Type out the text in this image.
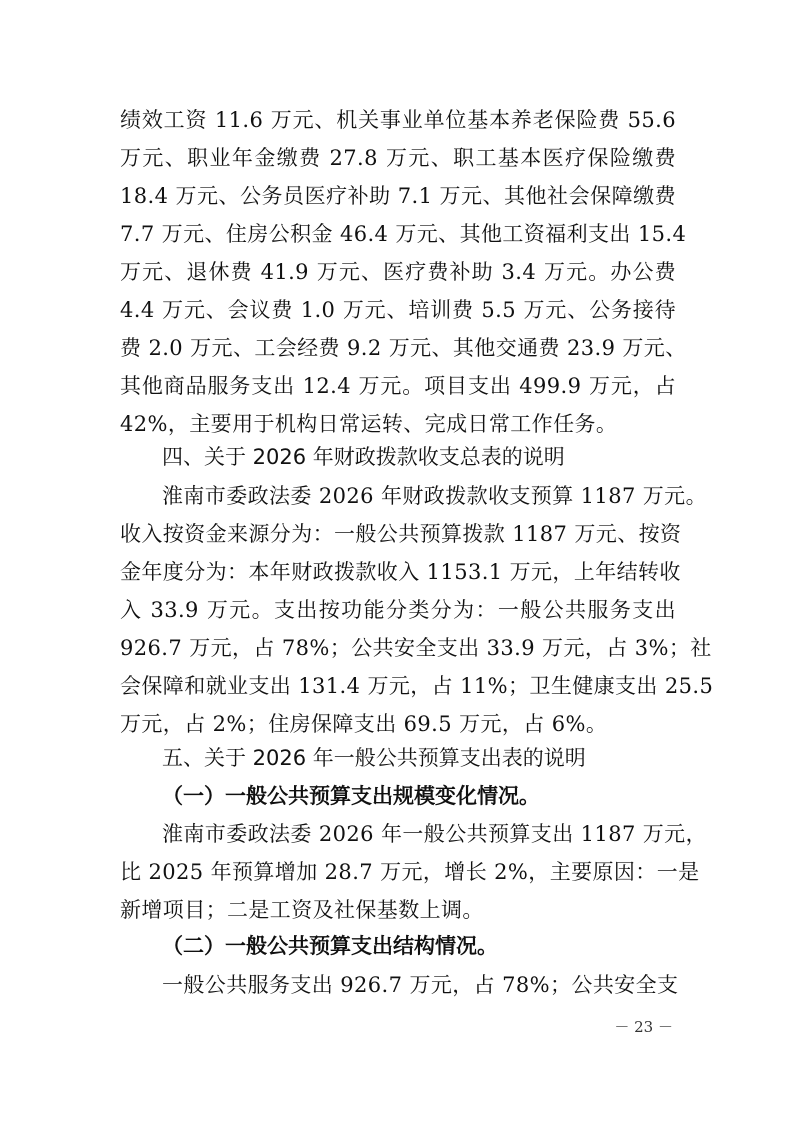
绩效工资 11.6 万元、机关事业单位基本养老保险费 55.6
万元、职业年金缴费 27.8 万元、职工基本医疗保险缴费
18.4 万元、公务员医疗补助 7.1 万元、其他社会保障缴费
7.7 万元、住房公积金 46.4 万元、其他工资福利支出 15.4
万元、退休费 41.9 万元、医疗费补助 3.4 万元。办公费
4.4 万元、会议费 1.0 万元、培训费 5.5 万元、公务接待
费 2.0 万元、工会经费 9.2 万元、其他交通费 23.9 万元、
其他商品服务支出 12.4 万元。项目支出 499.9 万元，占
42%，主要用于机构日常运转、完成日常工作任务。
四、关于 2026 年财政拨款收支总表的说明
淮南市委政法委 2026 年财政拨款收支预算 1187 万元。
收入按资金来源分为：一般公共预算拨款 1187 万元、按资
金年度分为：本年财政拨款收入 1153.1 万元，上年结转收
入 33.9 万元。支出按功能分类分为：一般公共服务支出
926.7 万元，占 78%；公共安全支出 33.9 万元，占 3%；社
会保障和就业支出 131.4 万元，占 11%；卫生健康支出 25.5
万元，占 2%；住房保障支出 69.5 万元，占 6%。
五、关于 2026 年一般公共预算支出表的说明
（一）一般公共预算支出规模变化情况。
淮南市委政法委 2026 年一般公共预算支出 1187 万元，
比 2025 年预算增加 28.7 万元，增长 2%，主要原因：一是
新增项目；二是工资及社保基数上调。
（二）一般公共预算支出结构情况。
一般公共服务支出 926.7 万元，占 78%；公共安全支
－ 23 －
